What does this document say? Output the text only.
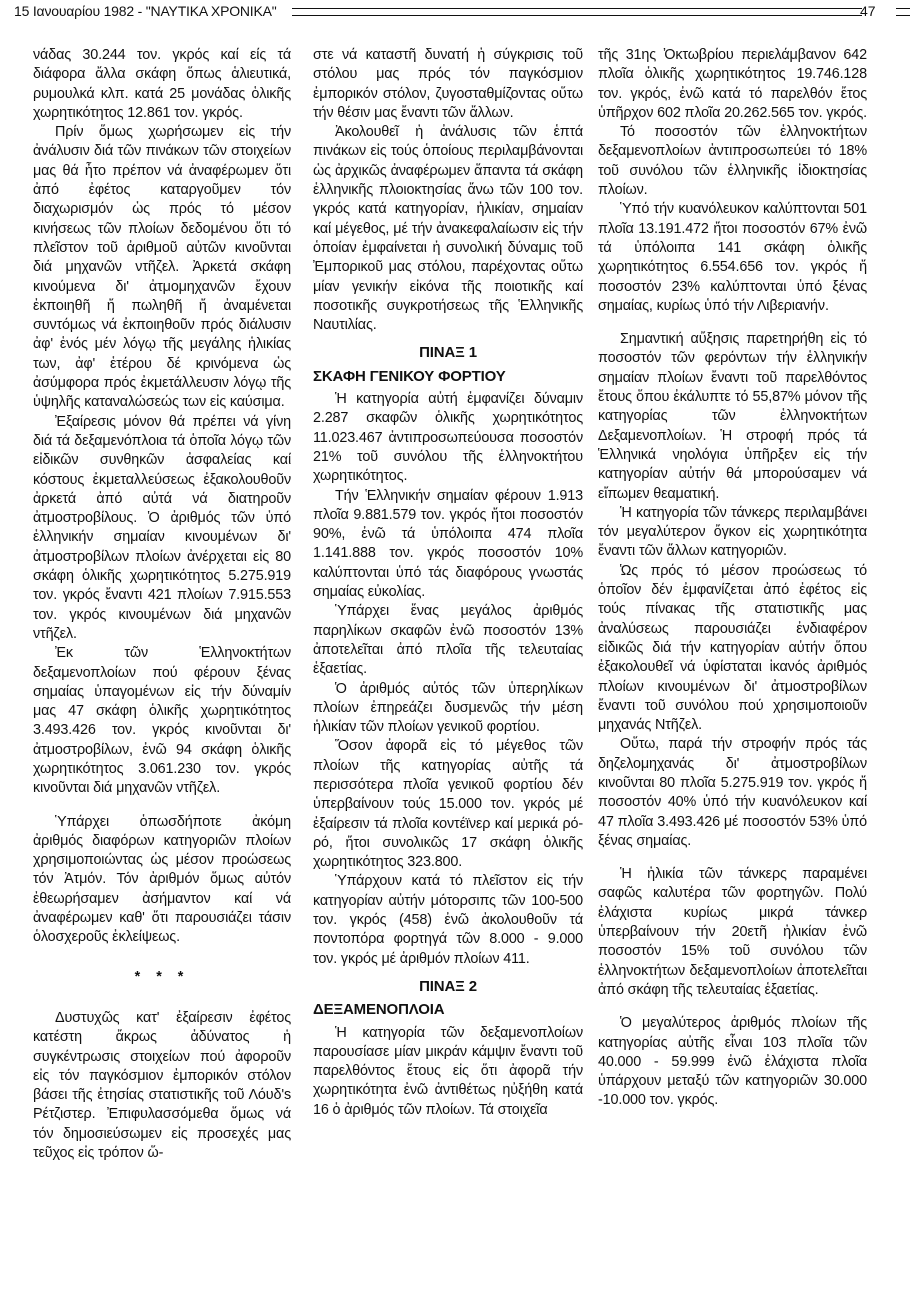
15 Ιανουαρίου 1982 - "ΝΑΥΤΙΚΑ ΧΡΟΝΙΚΑ"	47

νάδας 30.244 τον. γκρός καί είς τά διάφορα ἄλλα σκάφη ὅπως ἁλιευτικά, ρυμουλκά κλπ. κατά 25 μονάδας ὁλικῆς χωρητικότητος 12.861 τον. γκρός.

Πρίν ὅμως χωρήσωμεν εἰς τήν ἀνάλυσιν διά τῶν πινάκων τῶν στοιχείων μας θά ἦτο πρέπον νά ἀναφέρωμεν ὅτι ἀπό ἐφέτος καταργοῦμεν τόν διαχωρισμόν ὡς πρός τό μέσον κινήσεως τῶν πλοίων δεδομένου ὅτι τό πλεῖστον τοῦ ἀριθμοῦ αὐτῶν κινοῦνται διά μηχανῶν ντῆζελ. Ἀρκετά σκάφη κινούμενα δι' ἀτμομηχανῶν ἔχουν ἐκποιηθῆ ἤ πωληθῆ ἤ ἀναμένεται συντόμως νά ἐκποιηθοῦν πρός διάλυσιν ἀφ' ἑνός μέν λόγῳ τῆς μεγάλης ἡλικίας των, ἀφ' ἑτέρου δέ κρινόμενα ὡς ἀσύμφορα πρός ἐκμετάλλευσιν λόγῳ τῆς ὑψηλῆς καταναλώσεώς των εἰς καύσιμα.

Ἐξαίρεσις μόνον θά πρέπει νά γίνη διά τά δεξαμενόπλοια τά ὁποῖα λόγῳ τῶν εἰδικῶν συνθηκῶν ἀσφαλείας καί κόστους ἐκμεταλλεύσεως ἐξακολουθοῦν ἀρκετά ἀπό αὐτά νά διατηροῦν ἀτμοστροβίλους. Ὁ ἀριθμός τῶν ὑπό ἑλληνικήν σημαίαν κινουμένων δι' ἀτμοστροβίλων πλοίων ἀνέρχεται εἰς 80 σκάφη ὁλικῆς χωρητικότητος 5.275.919 τον. γκρός ἔναντι 421 πλοίων 7.915.553 τον. γκρός κινουμένων διά μηχανῶν ντῆζελ.

Ἐκ τῶν Ἑλληνοκτήτων δεξαμενοπλοίων πού φέρουν ξένας σημαίας ὑπαγομένων εἰς τήν δύναμίν μας 47 σκάφη ὁλικῆς χωρητικότητος 3.493.426 τον. γκρός κινοῦνται δι' ἀτμοστροβίλων, ἐνῶ 94 σκάφη ὁλικῆς χωρητικότητος 3.061.230 τον. γκρός κινοῦνται διά μηχανῶν ντῆζελ.

Ὑπάρχει ὁπωσδήποτε ἀκόμη ἀριθμός διαφόρων κατηγοριῶν πλοίων χρησιμοποιώντας ὡς μέσον προώσεως τόν Ἀτμόν. Τόν ἀριθμόν ὅμως αὐτόν ἐθεωρήσαμεν ἀσήμαντον καί νά ἀναφέρωμεν καθ' ὅτι παρουσιάζει τάσιν ὁλοσχεροῦς ἐκλείψεως.

* * *

Δυστυχῶς κατ' ἐξαίρεσιν ἐφέτος κατέστη ἄκρως ἀδύνατος ἡ συγκέντρωσις στοιχείων πού ἀφοροῦν εἰς τόν παγκόσμιον ἐμπορικόν στόλον βάσει τῆς ἐτησίας στατιστικῆς τοῦ Λόυδ's Ρέτζιστερ. Ἐπιφυλασσόμεθα ὅμως νά τόν δημοσιεύσωμεν εἰς προσεχές μας τεῦχος εἰς τρόπον ὥ-

στε νά καταστῆ δυνατή ἡ σύγκρισις τοῦ στόλου μας πρός τόν παγκόσμιον ἐμπορικόν στόλον, ζυγοσταθμίζοντας οὕτω τήν θέσιν μας ἔναντι τῶν ἄλλων.

Ἀκολουθεῖ ἡ ἀνάλυσις τῶν ἑπτά πινάκων εἰς τούς ὁποίους περιλαμβάνονται ὡς ἀρχικῶς ἀναφέρωμεν ἅπαντα τά σκάφη ἑλληνικῆς πλοιοκτησίας ἄνω τῶν 100 τον. γκρός κατά κατηγορίαν, ἡλικίαν, σημαίαν καί μέγεθος, μέ τήν ἀνακεφαλαίωσιν εἰς τήν ὁποίαν ἐμφαίνεται ἡ συνολική δύναμις τοῦ Ἐμπορικοῦ μας στόλου, παρέχοντας οὕτω μίαν γενικήν εἰκόνα τῆς ποιοτικῆς καί ποσοτικῆς συγκροτήσεως τῆς Ἑλληνικῆς Ναυτιλίας.

ΠΙΝΑΞ 1

ΣΚΑΦΗ ΓΕΝΙΚΟΥ ΦΟΡΤΙΟΥ

Ἡ κατηγορία αὐτή ἐμφανίζει δύναμιν 2.287 σκαφῶν ὁλικῆς χωρητικότητος 11.023.467 ἀντιπροσωπεύουσα ποσοστόν 21% τοῦ συνόλου τῆς ἑλληνοκτήτου χωρητικότητος.

Τήν Ἑλληνικήν σημαίαν φέρουν 1.913 πλοῖα 9.881.579 τον. γκρός ἤτοι ποσοστόν 90%, ἐνῶ τά ὑπόλοιπα 474 πλοῖα 1.141.888 τον. γκρός ποσοστόν 10% καλύπτονται ὑπό τάς διαφόρους γνωστάς σημαίας εὐκολίας.

Ὑπάρχει ἕνας μεγάλος ἀριθμός παρηλίκων σκαφῶν ἐνῶ ποσοστόν 13% ἀποτελεῖται ἀπό πλοῖα τῆς τελευταίας ἑξαετίας.

Ὁ ἀριθμός αὐτός τῶν ὑπερηλίκων πλοίων ἐπηρεάζει δυσμενῶς τήν μέση ἡλικίαν τῶν πλοίων γενικοῦ φορτίου.

Ὅσον ἀφορᾶ εἰς τό μέγεθος τῶν πλοίων τῆς κατηγορίας αὐτῆς τά περισσότερα πλοῖα γενικοῦ φορτίου δέν ὑπερβαίνουν τούς 15.000 τον. γκρός μέ ἐξαίρεσιν τά πλοῖα κοντέϊνερ καί μερικά ρό-ρό, ἤτοι συνολικῶς 17 σκάφη ὁλικῆς χωρητικότητος 323.800.

Ὑπάρχουν κατά τό πλεῖστον εἰς τήν κατηγορίαν αὐτήν μότορσιπς τῶν 100-500 τον. γκρός (458) ἐνῶ ἀκολουθοῦν τά ποντοπόρα φορτηγά τῶν 8.000 - 9.000 τον. γκρός μέ ἀριθμόν πλοίων 411.

ΠΙΝΑΞ 2

ΔΕΞΑΜΕΝΟΠΛΟΙΑ

Ἡ κατηγορία τῶν δεξαμενοπλοίων παρουσίασε μίαν μικράν κάμψιν ἔναντι τοῦ παρελθόντος ἔτους εἰς ὅτι ἀφορᾶ τήν χωρητικότητα ἐνῶ ἀντιθέτως ηὐξήθη κατά 16 ὁ ἀριθμός τῶν πλοίων. Τά στοιχεῖα

τῆς 31ης Ὀκτωβρίου περιελάμβανον 642 πλοῖα ὁλικῆς χωρητικότητος 19.746.128 τον. γκρός, ἐνῶ κατά τό παρελθόν ἔτος ὑπῆρχον 602 πλοῖα 20.262.565 τον. γκρός.

Τό ποσοστόν τῶν ἑλληνοκτήτων δεξαμενοπλοίων ἀντιπροσωπεύει τό 18% τοῦ συνόλου τῶν ἑλληνικῆς ἰδιοκτησίας πλοίων.

Ὑπό τήν κυανόλευκον καλύπτονται 501 πλοῖα 13.191.472 ἤτοι ποσοστόν 67% ἐνῶ τά ὑπόλοιπα 141 σκάφη ὁλικῆς χωρητικότητος 6.554.656 τον. γκρός ἤ ποσοστόν 23% καλύπτονται ὑπό ξένας σημαίας, κυρίως ὑπό τήν Λιβεριανήν.

Σημαντική αὔξησις παρετηρήθη εἰς τό ποσοστόν τῶν φερόντων τήν ἑλληνικήν σημαίαν πλοίων ἔναντι τοῦ παρελθόντος ἔτους ὅπου ἐκάλυπτε τό 55,87% μόνον τῆς κατηγορίας τῶν ἑλληνοκτήτων Δεξαμενοπλοίων. Ἡ στροφή πρός τά Ἑλληνικά νηολόγια ὑπῆρξεν εἰς τήν κατηγορίαν αὐτήν θά μπορούσαμεν νά εἴπωμεν θεαματική.

Ἡ κατηγορία τῶν τάνκερς περιλαμβάνει τόν μεγαλύτερον ὄγκον εἰς χωρητικότητα ἔναντι τῶν ἄλλων κατηγοριῶν.

Ὡς πρός τό μέσον προώσεως τό ὁποῖον δέν ἐμφανίζεται ἀπό ἐφέτος εἰς τούς πίνακας τῆς στατιστικῆς μας ἀναλύσεως παρουσιάζει ἐνδιαφέρον εἰδικῶς διά τήν κατηγορίαν αὐτήν ὅπου ἐξακολουθεῖ νά ὑφίσταται ἱκανός ἀριθμός πλοίων κινουμένων δι' ἀτμοστροβίλων ἔναντι τοῦ συνόλου πού χρησιμοποιοῦν μηχανάς Ντῆζελ.

Οὕτω, παρά τήν στροφήν πρός τάς δηζελομηχανάς δι' ἀτμοστροβίλων κινοῦνται 80 πλοῖα 5.275.919 τον. γκρός ἤ ποσοστόν 40% ὑπό τήν κυανόλευκον καί 47 πλοῖα 3.493.426 μέ ποσοστόν 53% ὑπό ξένας σημαίας.

Ἡ ἡλικία τῶν τάνκερς παραμένει σαφῶς καλυτέρα τῶν φορτηγῶν. Πολύ ἐλάχιστα κυρίως μικρά τάνκερ ὑπερβαίνουν τήν 20ετῆ ἡλικίαν ἐνῶ ποσοστόν 15% τοῦ συνόλου τῶν ἑλληνοκτήτων δεξαμενοπλοίων ἀποτελεῖται ἀπό σκάφη τῆς τελευταίας ἑξαετίας.

Ὁ μεγαλύτερος ἀριθμός πλοίων τῆς κατηγορίας αὐτῆς εἶναι 103 πλοῖα τῶν 40.000 - 59.999 ἐνῶ ἐλάχιστα πλοῖα ὑπάρχουν μεταξύ τῶν κατηγοριῶν 30.000 -10.000 τον. γκρός.
